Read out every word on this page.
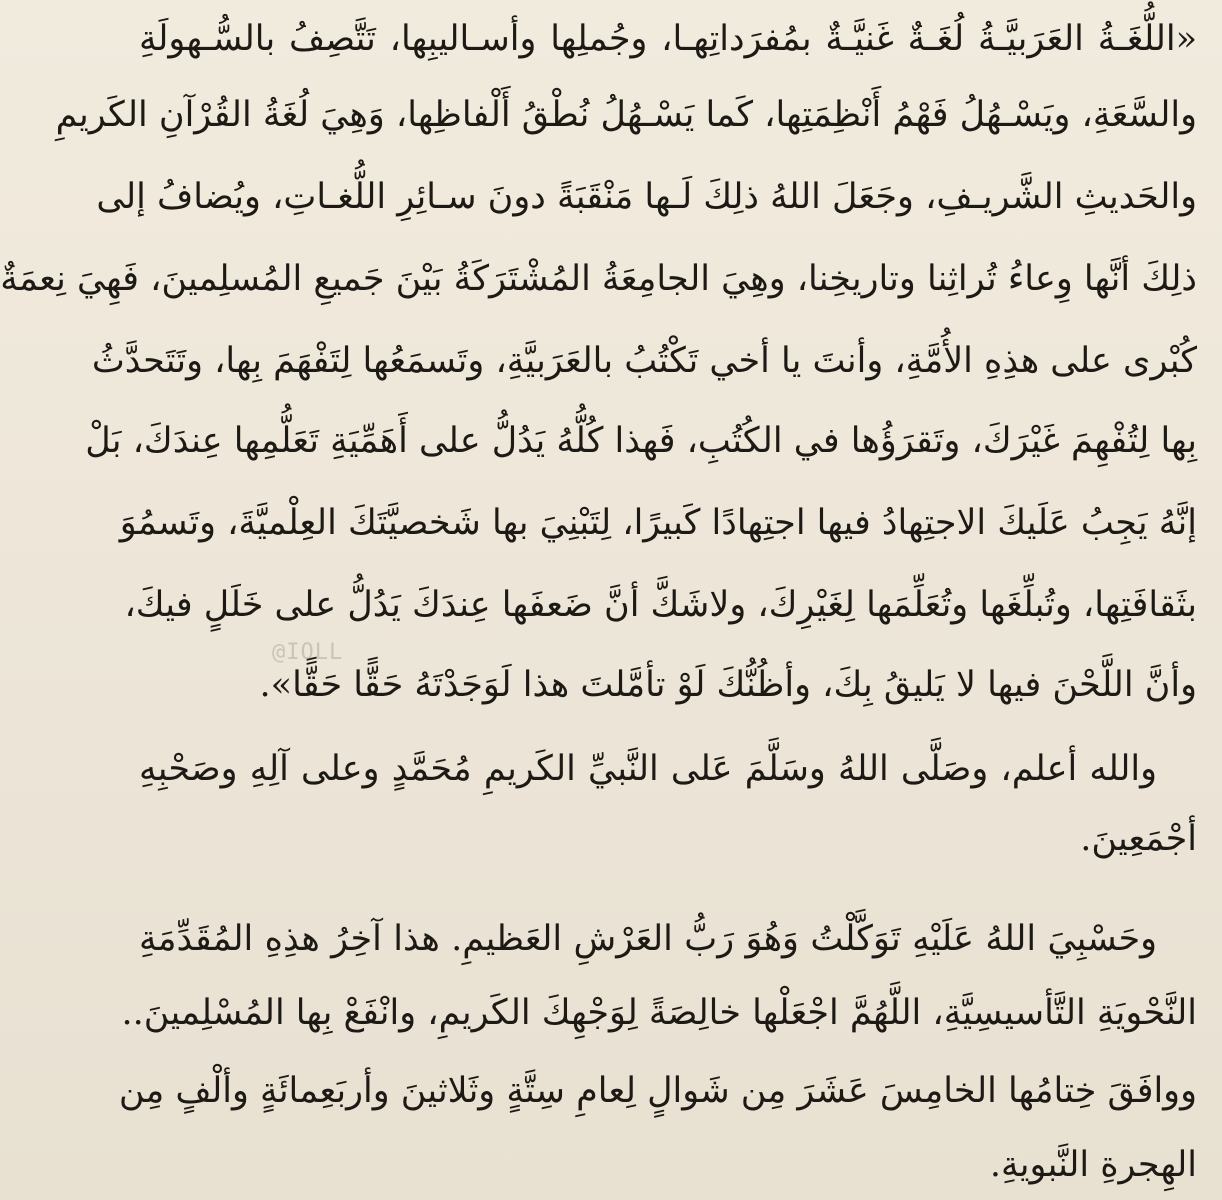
«اللُّغَـةُ العَرَبيَّـةُ لُغَـةٌ غَنيَّـةٌ بمُفرَداتِهـا، وجُملِها وأسـاليبِها، تَتَّصِفُ بالسُّـهولَةِ
والسَّعَةِ، ويَسْـهُلُ فَهْمُ أَنْظِمَتِها، كَما يَسْـهُلُ نُطْقُ أَلْفاظِها، وَهِيَ لُغَةُ القُرْآنِ الكَريمِ
والحَديثِ الشَّريـفِ، وجَعَلَ اللهُ ذلِكَ لَـها مَنْقَبَةً دونَ سـائِرِ اللُّغـاتِ، ويُضافُ إلى
ذلِكَ أنَّها وِعاءُ تُراثِنا وتاريخِنا، وهِيَ الجامِعَةُ المُشْتَرَكَةُ بَيْنَ جَميعِ المُسلِمينَ، فَهِيَ نِعمَةٌ
كُبْرى على هذِهِ الأُمَّةِ، وأنتَ يا أخي تَكْتُبُ بالعَرَبيَّةِ، وتَسمَعُها لِتَفْهَمَ بِها، وتَتَحدَّثُ
بِها لِتُفْهِمَ غَيْرَكَ، وتَقرَؤُها في الكُتُبِ، فَهذا كُلُّهُ يَدُلُّ على أَهَمِّيَةِ تَعَلُّمِها عِندَكَ، بَلْ
إنَّهُ يَجِبُ عَلَيكَ الاجتِهادُ فيها اجتِهادًا كَبيرًا، لِتَبْنِيَ بها شَخصيَّتَكَ العِلْميَّةَ، وتَسمُوَ
بثَقافَتِها، وتُبلِّغَها وتُعَلِّمَها لِغَيْرِكَ، ولاشَكَّ أنَّ ضَعفَها عِندَكَ يَدُلُّ على خَلَلٍ فيكَ،
وأنَّ اللَّحْنَ فيها لا يَليقُ بِكَ، وأظُنُّكَ لَوْ تأمَّلتَ هذا لَوَجَدْتَهُ حَقًّا حَقًّا».
والله أعلم، وصَلَّى اللهُ وسَلَّمَ عَلى النَّبيِّ الكَريمِ مُحَمَّدٍ وعلى آلِهِ وصَحْبِهِ
أجْمَعِينَ.
وحَسْبِيَ اللهُ عَلَيْهِ تَوَكَّلْتُ وَهُوَ رَبُّ العَرْشِ العَظيمِ. هذا آخِرُ هذِهِ المُقَدِّمَةِ
النَّحْويَةِ التَّأسيسِيَّةِ، اللَّهُمَّ اجْعَلْها خالِصَةً لِوَجْهِكَ الكَريمِ، وانْفَعْ بِها المُسْلِمينَ..
ووافَقَ خِتامُها الخامِسَ عَشَرَ مِن شَوالٍ لِعامِ سِتَّةٍ وثَلاثينَ وأربَعِمائَةٍ وألْفٍ مِن
الهِجرةِ النَّبويةِ.
@IOLL
